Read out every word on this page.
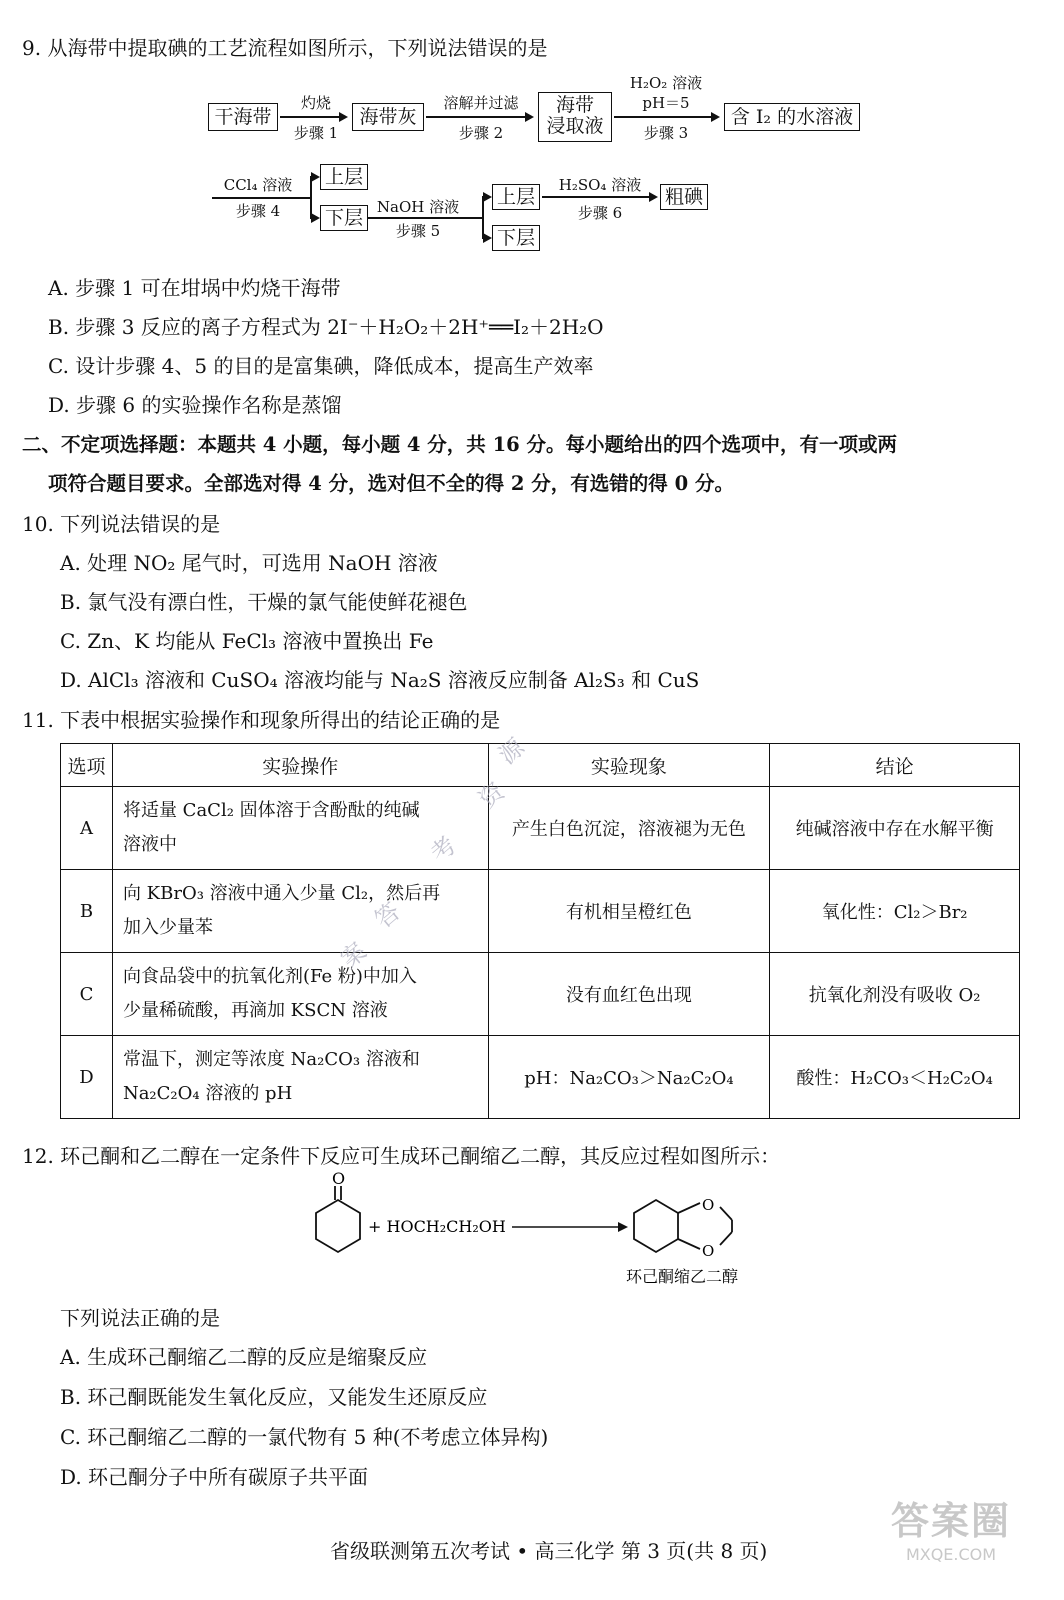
9. 从海带中提取碘的工艺流程如图所示，下列说法错误的是
干海带
灼烧
步骤 1
海带灰
溶解并过滤
步骤 2
海带
浸取液
H₂O₂ 溶液
pH＝5
步骤 3
含 I₂ 的水溶液
CCl₄ 溶液
步骤 4
上层
下层 NaOH 溶液
步骤 5
上层
下层
H₂SO₄ 溶液
步骤 6
粗碘
A. 步骤 1 可在坩埚中灼烧干海带
B. 步骤 3 反应的离子方程式为 2I⁻＋H₂O₂＋2H⁺══I₂＋2H₂O
C. 设计步骤 4、5 的目的是富集碘，降低成本，提高生产效率
D. 步骤 6 的实验操作名称是蒸馏
二、不定项选择题：本题共 4 小题，每小题 4 分，共 16 分。每小题给出的四个选项中，有一项或两
项符合题目要求。全部选对得 4 分，选对但不全的得 2 分，有选错的得 0 分。
10. 下列说法错误的是
A. 处理 NO₂ 尾气时，可选用 NaOH 溶液
B. 氯气没有漂白性，干燥的氯气能使鲜花褪色
C. Zn、K 均能从 FeCl₃ 溶液中置换出 Fe
D. AlCl₃ 溶液和 CuSO₄ 溶液均能与 Na₂S 溶液反应制备 Al₂S₃ 和 CuS
11. 下表中根据实验操作和现象所得出的结论正确的是
选项	实验操作	实验现象	结论
A	将适量 CaCl₂ 固体溶于含酚酞的纯碱
溶液中	产生白色沉淀，溶液褪为无色	纯碱溶液中存在水解平衡
B	向 KBrO₃ 溶液中通入少量 Cl₂，然后再
加入少量苯	有机相呈橙红色	氧化性：Cl₂＞Br₂
C	向食品袋中的抗氧化剂(Fe 粉)中加入
少量稀硫酸，再滴加 KSCN 溶液	没有血红色出现	抗氧化剂没有吸收 O₂
D	常温下，测定等浓度 Na₂CO₃ 溶液和
Na₂C₂O₄ 溶液的 pH	pH：Na₂CO₃＞Na₂C₂O₄	酸性：H₂CO₃＜H₂C₂O₄
源
资
考
答
案
12. 环己酮和乙二醇在一定条件下反应可生成环己酮缩乙二醇，其反应过程如图所示：
O
+ HOCH₂CH₂OH
O
O
环己酮缩乙二醇
下列说法正确的是
A. 生成环己酮缩乙二醇的反应是缩聚反应
B. 环己酮既能发生氧化反应，又能发生还原反应
C. 环己酮缩乙二醇的一氯代物有 5 种(不考虑立体异构)
D. 环己酮分子中所有碳原子共平面
答案圈
MXQE.COM
省级联测第五次考试 • 高三化学 第 3 页(共 8 页)
